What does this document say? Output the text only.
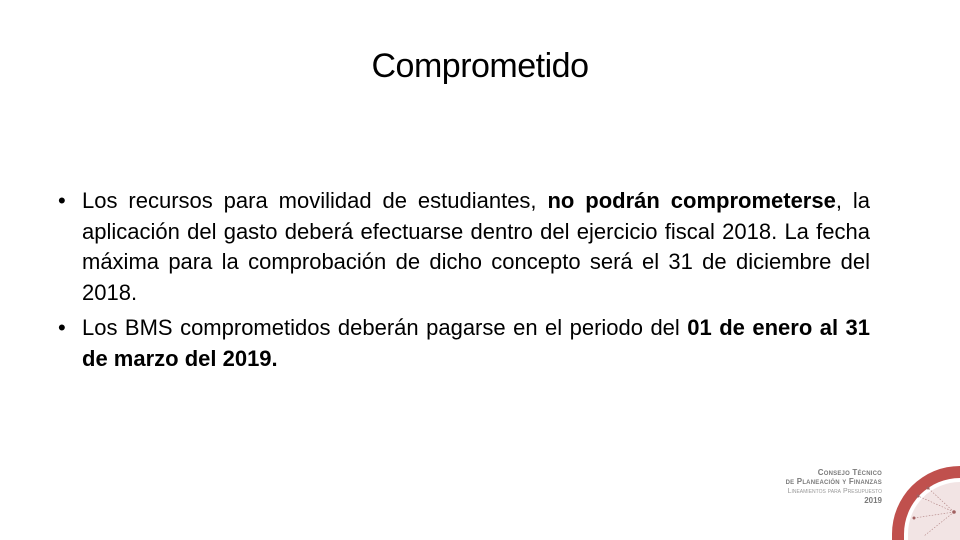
Comprometido
• Los recursos para movilidad de estudiantes, no podrán comprometerse, la aplicación del gasto deberá efectuarse dentro del ejercicio fiscal 2018. La fecha máxima para la comprobación de dicho concepto será el 31 de diciembre del 2018.
• Los BMS comprometidos deberán pagarse en el periodo del 01 de enero al 31 de marzo del 2019.
Consejo Técnico
de Planeación y Finanzas
Lineamientos para Presupuesto
2019
